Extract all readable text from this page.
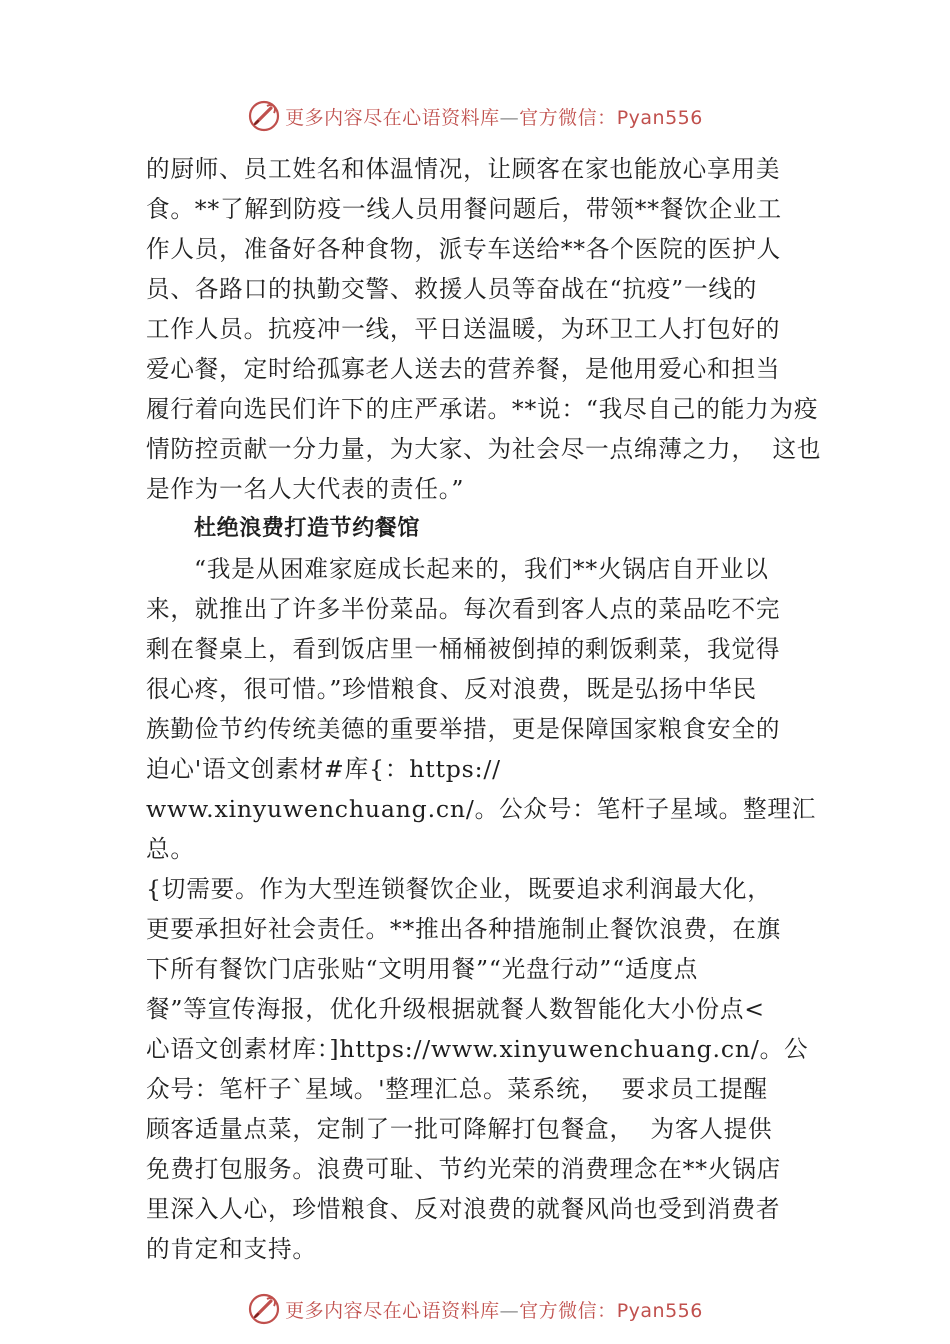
更多内容尽在心语资料库—官方微信：Pyan556

的厨师、员工姓名和体温情况，让顾客在家也能放心享用美

食。**了解到防疫一线人员用餐问题后，带领**餐饮企业工

作人员，准备好各种食物，派专车送给**各个医院的医护人

员、各路口的执勤交警、救援人员等奋战在“抗疫”一线的

工作人员。抗疫冲一线，平日送温暖，为环卫工人打包好的

爱心餐，定时给孤寡老人送去的营养餐，是他用爱心和担当

履行着向选民们许下的庄严承诺。**说：“我尽自己的能力为疫

情防控贡献一分力量，为大家、为社会尽一点绵薄之力，  这也

是作为一名人大代表的责任。”

杜绝浪费打造节约餐馆

“我是从困难家庭成长起来的，我们**火锅店自开业以

来，就推出了许多半份菜品。每次看到客人点的菜品吃不完

剩在餐桌上，看到饭店里一桶桶被倒掉的剩饭剩菜，我觉得

很心疼，很可惜。”珍惜粮食、反对浪费，既是弘扬中华民

族勤俭节约传统美德的重要举措，更是保障国家粮食安全的

迫心'语文创素材#库{：https://

www.xinyuwenchuang.cn/。公众号：笔杆子星域。整理汇总。

{切需要。作为大型连锁餐饮企业，既要追求利润最大化，

更要承担好社会责任。**推出各种措施制止餐饮浪费，在旗

下所有餐饮门店张贴“文明用餐”“光盘行动”“适度点

餐”等宣传海报，优化升级根据就餐人数智能化大小份点<

心语文创素材库：]https://www.xinyuwenchuang.cn/。公

众号：笔杆子`星域。'整理汇总。菜系统，  要求员工提醒

顾客适量点菜，定制了一批可降解打包餐盒，  为客人提供

免费打包服务。浪费可耻、节约光荣的消费理念在**火锅店

里深入人心，珍惜粮食、反对浪费的就餐风尚也受到消费者

的肯定和支持。

更多内容尽在心语资料库—官方微信：Pyan556
